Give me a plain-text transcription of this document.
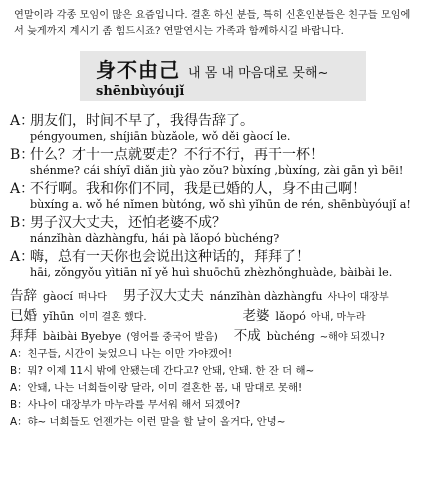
연말이라 각종 모임이 많은 요즘입니다. 결혼 하신 분들, 특히 신혼인분들은 친구들 모임에서 늦게까지 계시기 좀 힘드시죠? 연말연시는 가족과 함께하시길 바랍니다.

身不由己 내 몸 내 마음대로 못해~
shēnbùyóujǐ
A：
朋友们，时间不早了，我得告辞了。
péngyoumen, shíjiān bùzǎole, wǒ děi gàocí le.
B：
什么？才十一点就要走？不行不行，再干一杯！
shénme? cái shíyī diǎn jiù yào zǒu? bùxíng ,bùxíng, zài gān yì bēi!
A：
不行啊。我和你们不同，我是已婚的人，身不由己啊！
bùxíng a. wǒ hé nǐmen bùtóng, wǒ shì yǐhūn de rén, shēnbùyóujǐ a!
B：
男子汉大丈夫，还怕老婆不成？
nánzǐhàn dàzhàngfu, hái pà lǎopó bùchéng?
A：
嗨，总有一天你也会说出这种话的，拜拜了！
hāi, zǒngyǒu yìtiān nǐ yě huì shuōchū zhèzhǒnghuàde, bàibài le.
告辞 gàocí 떠나다 男子汉大丈夫 nánzǐhàn dàzhàngfu 사나이 대장부
已婚 yǐhūn 이미 결혼 했다.	老婆 lǎopó 아내, 마누라
拜拜 bàibài Byebye (영어를 중국어 발음) 不成 bùchéng ~해야 되겠니?
A：친구들, 시간이 늦었으니 나는 이만 가야겠어!
B：뭐? 이제 11시 밖에 안됐는데 간다고? 안돼, 안돼. 한 잔 더 해~
A：안돼, 나는 너희들이랑 달라, 이미 결혼한 몸, 내 맘대로 못해!
B：사나이 대장부가 마누라를 무서워 해서 되겠어?
A：햐~ 너희들도 언젠가는 이런 말을 할 날이 올거다, 안녕~
